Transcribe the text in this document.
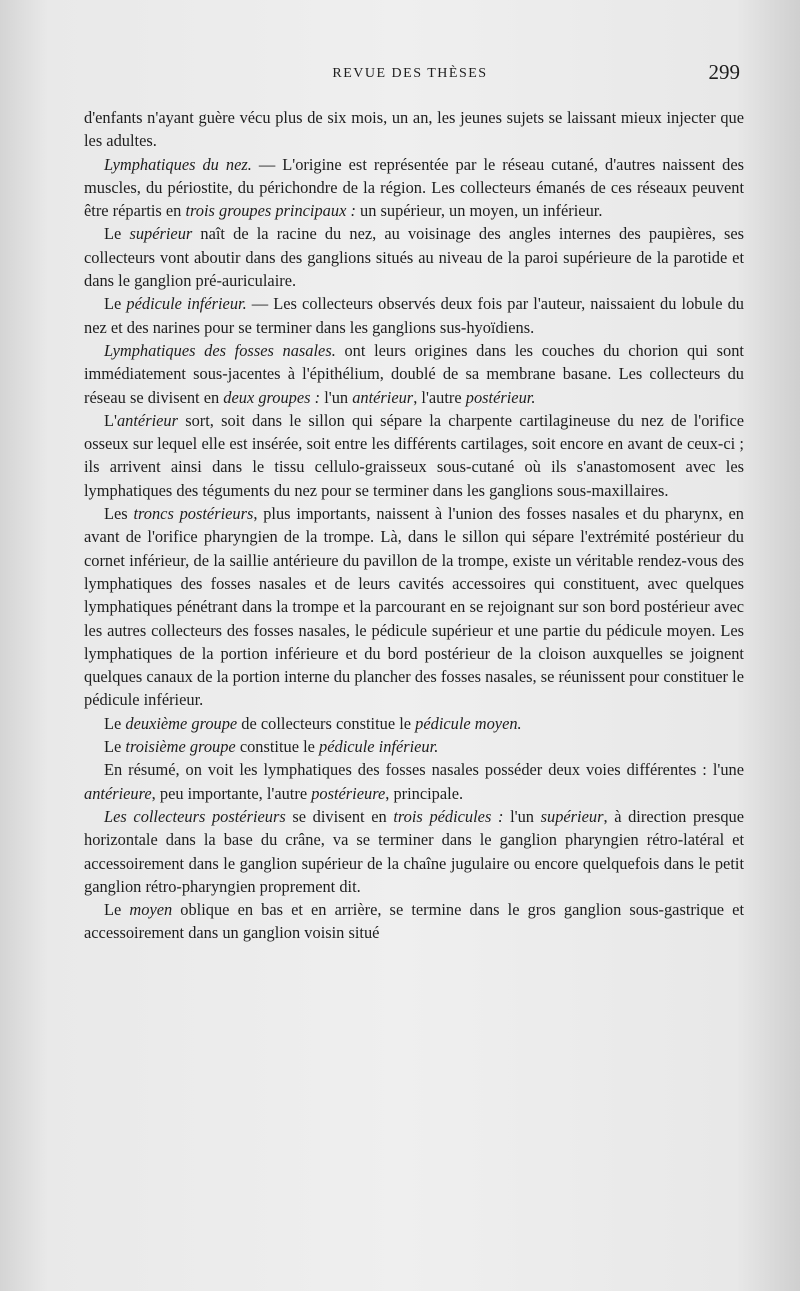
REVUE DES THÈSES	299

d'enfants n'ayant guère vécu plus de six mois, un an, les jeunes sujets se laissant mieux injecter que les adultes.

Lymphatiques du nez. — L'origine est représentée par le réseau cutané, d'autres naissent des muscles, du périostite, du périchondre de la région. Les collecteurs émanés de ces réseaux peuvent être répartis en trois groupes principaux : un supérieur, un moyen, un inférieur.

Le supérieur naît de la racine du nez, au voisinage des angles internes des paupières, ses collecteurs vont aboutir dans des ganglions situés au niveau de la paroi supérieure de la parotide et dans le ganglion pré-auriculaire.

Le pédicule inférieur. — Les collecteurs observés deux fois par l'auteur, naissaient du lobule du nez et des narines pour se terminer dans les ganglions sus-hyoïdiens.

Lymphatiques des fosses nasales. ont leurs origines dans les couches du chorion qui sont immédiatement sous-jacentes à l'épithélium, doublé de sa membrane basane. Les collecteurs du réseau se divisent en deux groupes : l'un antérieur, l'autre postérieur.

L'antérieur sort, soit dans le sillon qui sépare la charpente cartilagineuse du nez de l'orifice osseux sur lequel elle est insérée, soit entre les différents cartilages, soit encore en avant de ceux-ci ; ils arrivent ainsi dans le tissu cellulo-graisseux sous-cutané où ils s'anastomosent avec les lymphatiques des téguments du nez pour se terminer dans les ganglions sous-maxillaires.

Les troncs postérieurs, plus importants, naissent à l'union des fosses nasales et du pharynx, en avant de l'orifice pharyngien de la trompe. Là, dans le sillon qui sépare l'extrémité postérieur du cornet inférieur, de la saillie antérieure du pavillon de la trompe, existe un véritable rendez-vous des lymphatiques des fosses nasales et de leurs cavités accessoires qui constituent, avec quelques lymphatiques pénétrant dans la trompe et la parcourant en se rejoignant sur son bord postérieur avec les autres collecteurs des fosses nasales, le pédicule supérieur et une partie du pédicule moyen. Les lymphatiques de la portion inférieure et du bord postérieur de la cloison auxquelles se joignent quelques canaux de la portion interne du plancher des fosses nasales, se réunissent pour constituer le pédicule inférieur.

Le deuxième groupe de collecteurs constitue le pédicule moyen.

Le troisième groupe constitue le pédicule inférieur.

En résumé, on voit les lymphatiques des fosses nasales posséder deux voies différentes : l'une antérieure, peu importante, l'autre postérieure, principale.

Les collecteurs postérieurs se divisent en trois pédicules : l'un supérieur, à direction presque horizontale dans la base du crâne, va se terminer dans le ganglion pharyngien rétro-latéral et accessoirement dans le ganglion supérieur de la chaîne jugulaire ou encore quelquefois dans le petit ganglion rétro-pharyngien proprement dit.

Le moyen oblique en bas et en arrière, se termine dans le gros ganglion sous-gastrique et accessoirement dans un ganglion voisin situé
